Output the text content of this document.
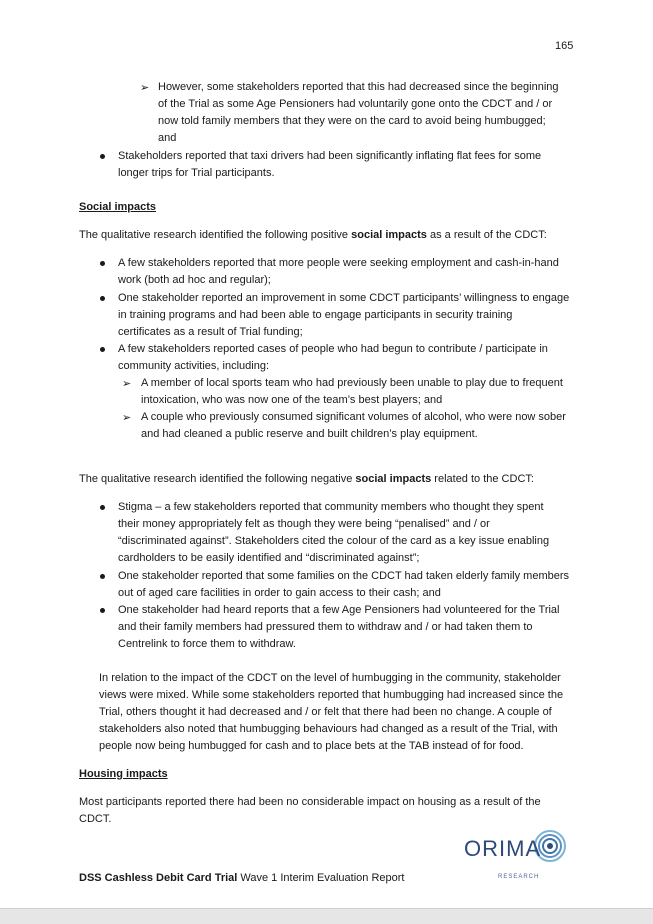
165
➢ However, some stakeholders reported that this had decreased since the beginning
of the Trial as some Age Pensioners had voluntarily gone onto the CDCT and / or
now told family members that they were on the card to avoid being humbugged;
and
Stakeholders reported that taxi drivers had been significantly inflating flat fees for some
longer trips for Trial participants.
Social impacts
The qualitative research identified the following positive social impacts as a result of the CDCT:
A few stakeholders reported that more people were seeking employment and cash-in-hand
work (both ad hoc and regular);
One stakeholder reported an improvement in some CDCT participants’ willingness to engage
in training programs and had been able to engage participants in security training
certificates as a result of Trial funding;
A few stakeholders reported cases of people who had begun to contribute / participate in
community activities, including:
➢ A member of local sports team who had previously been unable to play due to frequent
intoxication, who was now one of the team’s best players; and
➢ A couple who previously consumed significant volumes of alcohol, who were now sober
and had cleaned a public reserve and built children’s play equipment.
The qualitative research identified the following negative social impacts related to the CDCT:
Stigma – a few stakeholders reported that community members who thought they spent
their money appropriately felt as though they were being “penalised” and / or
“discriminated against”. Stakeholders cited the colour of the card as a key issue enabling
cardholders to be easily identified and “discriminated against”;
One stakeholder reported that some families on the CDCT had taken elderly family members
out of aged care facilities in order to gain access to their cash; and
One stakeholder had heard reports that a few Age Pensioners had volunteered for the Trial
and their family members had pressured them to withdraw and / or had taken them to
Centrelink to force them to withdraw.
In relation to the impact of the CDCT on the level of humbugging in the community, stakeholder
views were mixed. While some stakeholders reported that humbugging had increased since the
Trial, others thought it had decreased and / or felt that there had been no change. A couple of
stakeholders also noted that humbugging behaviours had changed as a result of the Trial, with
people now being humbugged for cash and to place bets at the TAB instead of for food.
Housing impacts
Most participants reported there had been no considerable impact on housing as a result of the
CDCT.
ORIMA
RESEARCH
DSS Cashless Debit Card Trial Wave 1 Interim Evaluation Report
